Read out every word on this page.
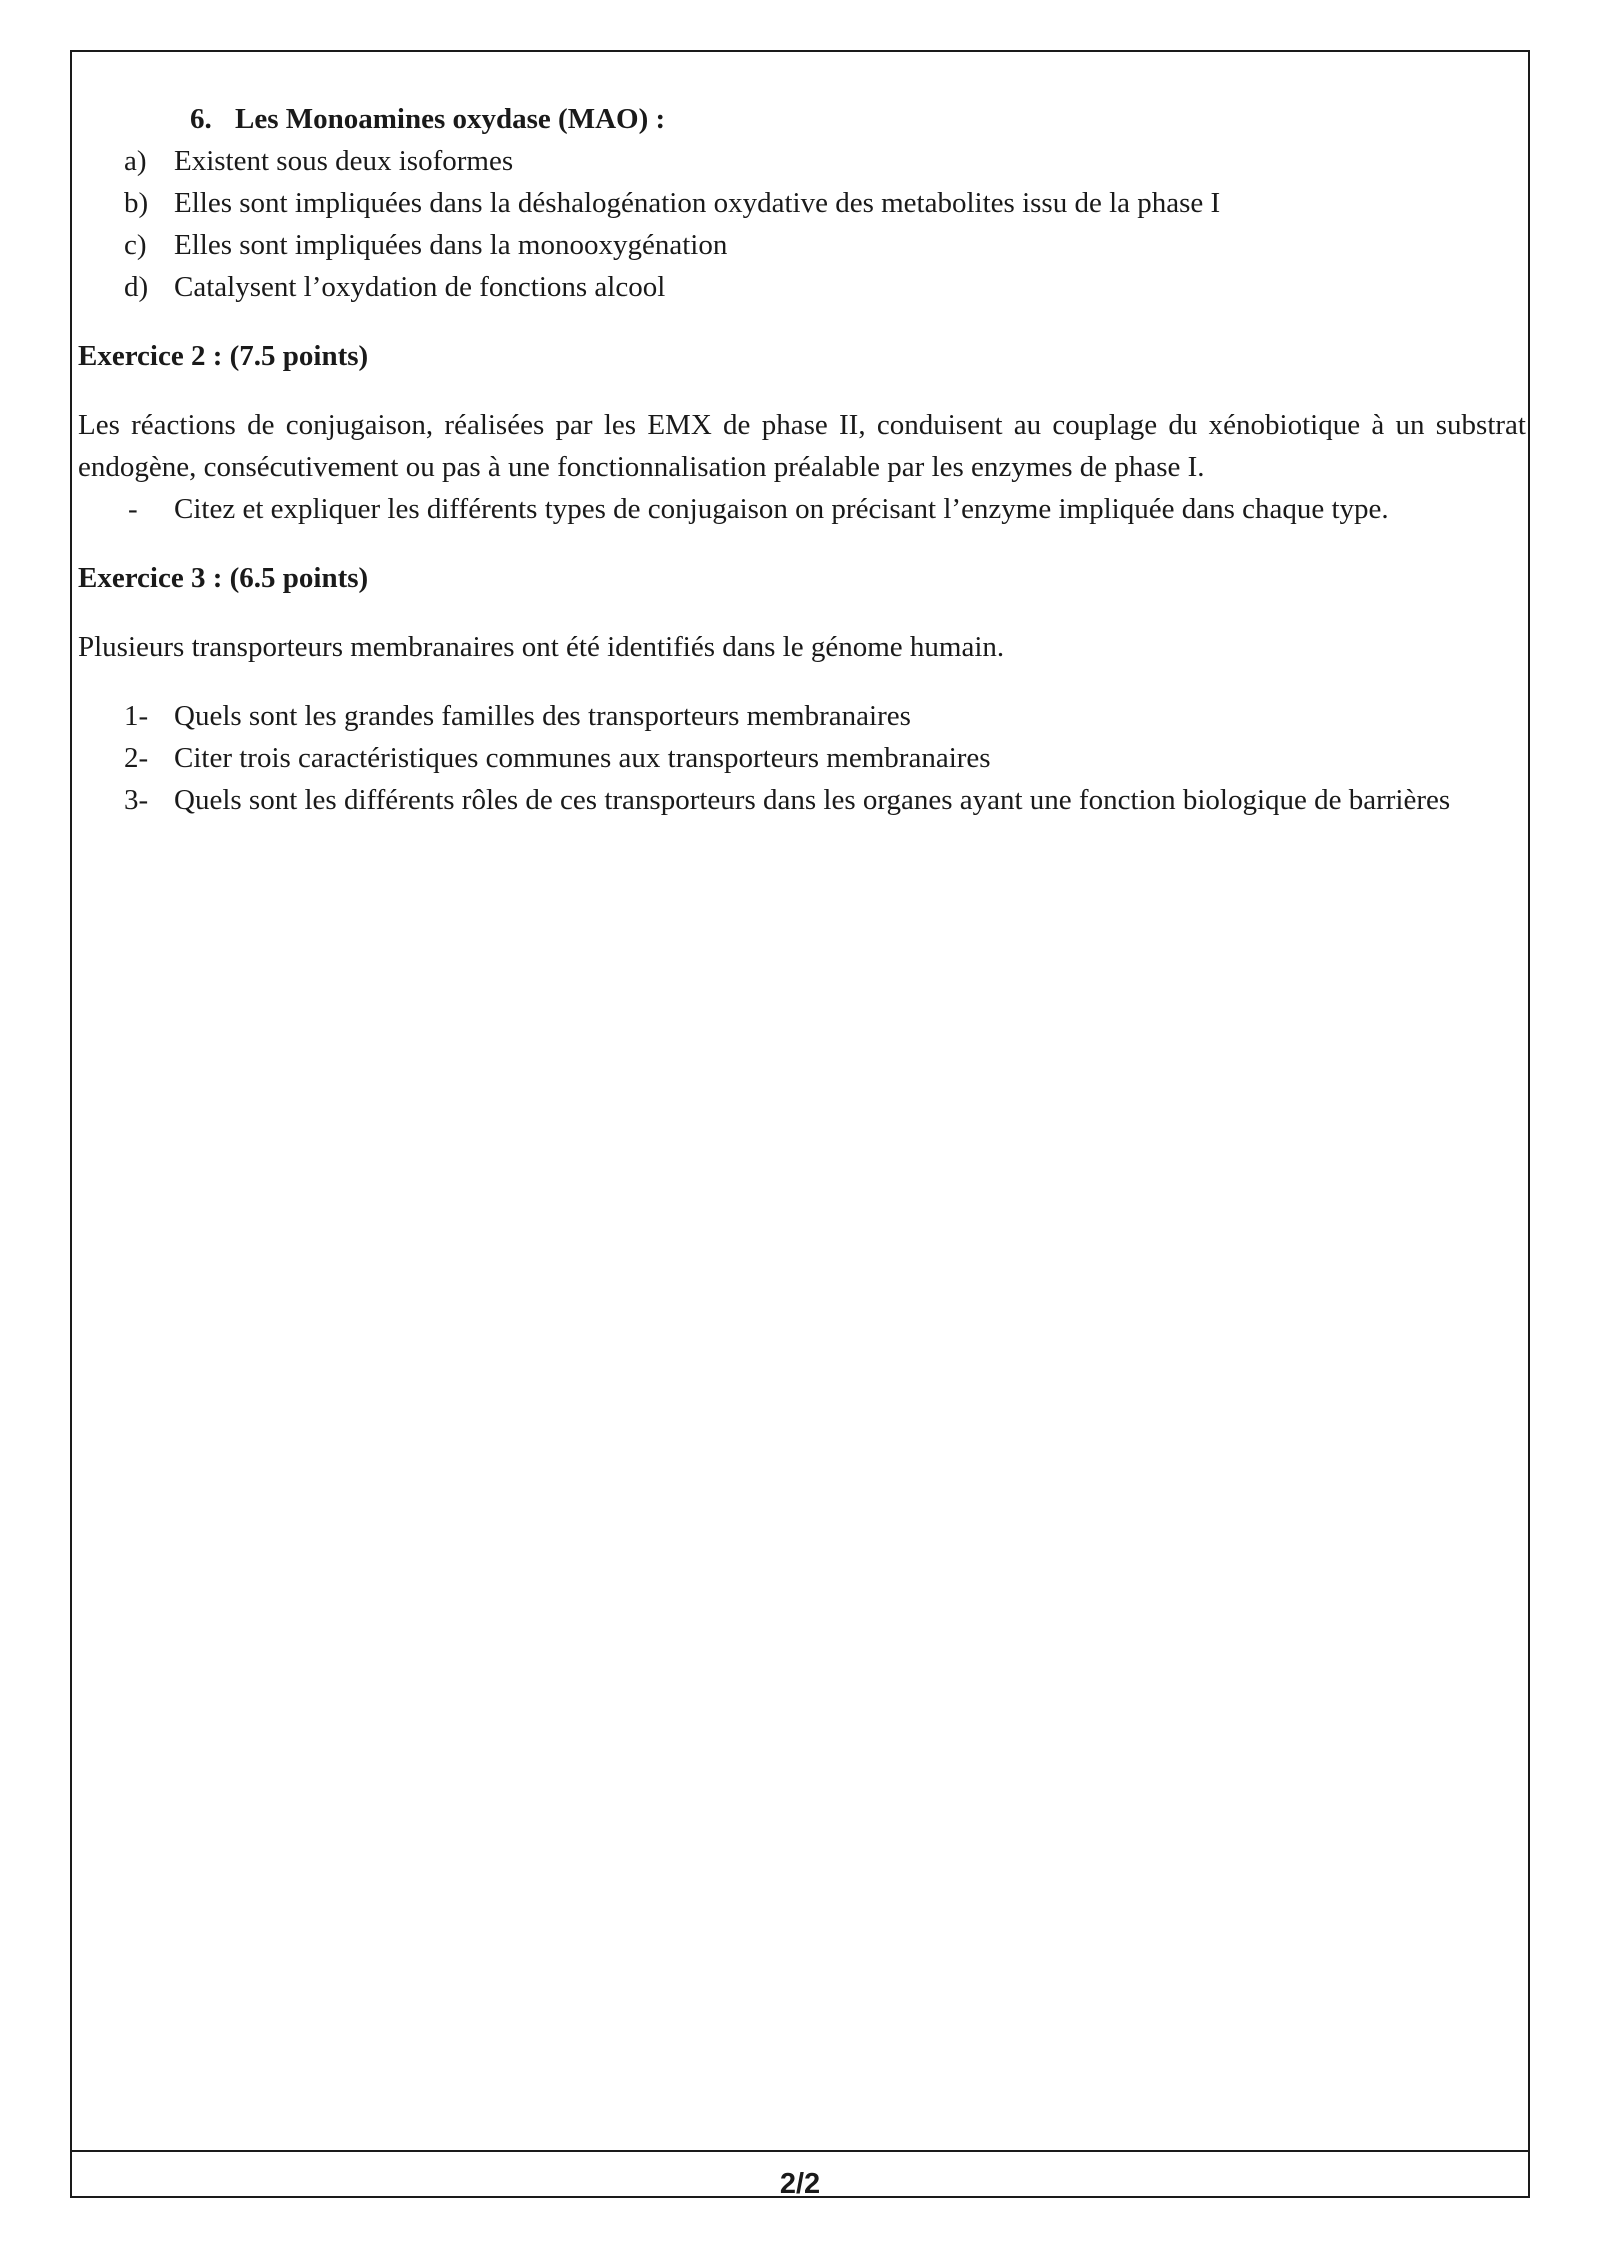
2/2
6. Les Monoamines oxydase (MAO) :
a) Existent sous deux isoformes
b) Elles sont impliquées dans la déshalogénation oxydative des metabolites issu de la phase I
c) Elles sont impliquées dans la monooxygénation
d) Catalysent l’oxydation de fonctions alcool
Exercice 2 : (7.5 points)
Les réactions de conjugaison, réalisées par les EMX de phase II, conduisent au couplage du xénobiotique à un substrat endogène, consécutivement ou pas à une fonctionnalisation préalable par les enzymes de phase I.
- Citez et expliquer les différents types de conjugaison on précisant l’enzyme impliquée dans chaque type.
Exercice 3 : (6.5 points)
Plusieurs transporteurs membranaires ont été identifiés dans le génome humain.
1- Quels sont les grandes familles des transporteurs membranaires
2- Citer trois caractéristiques communes aux transporteurs membranaires
3- Quels sont les différents rôles de ces transporteurs dans les organes ayant une fonction biologique de barrières
